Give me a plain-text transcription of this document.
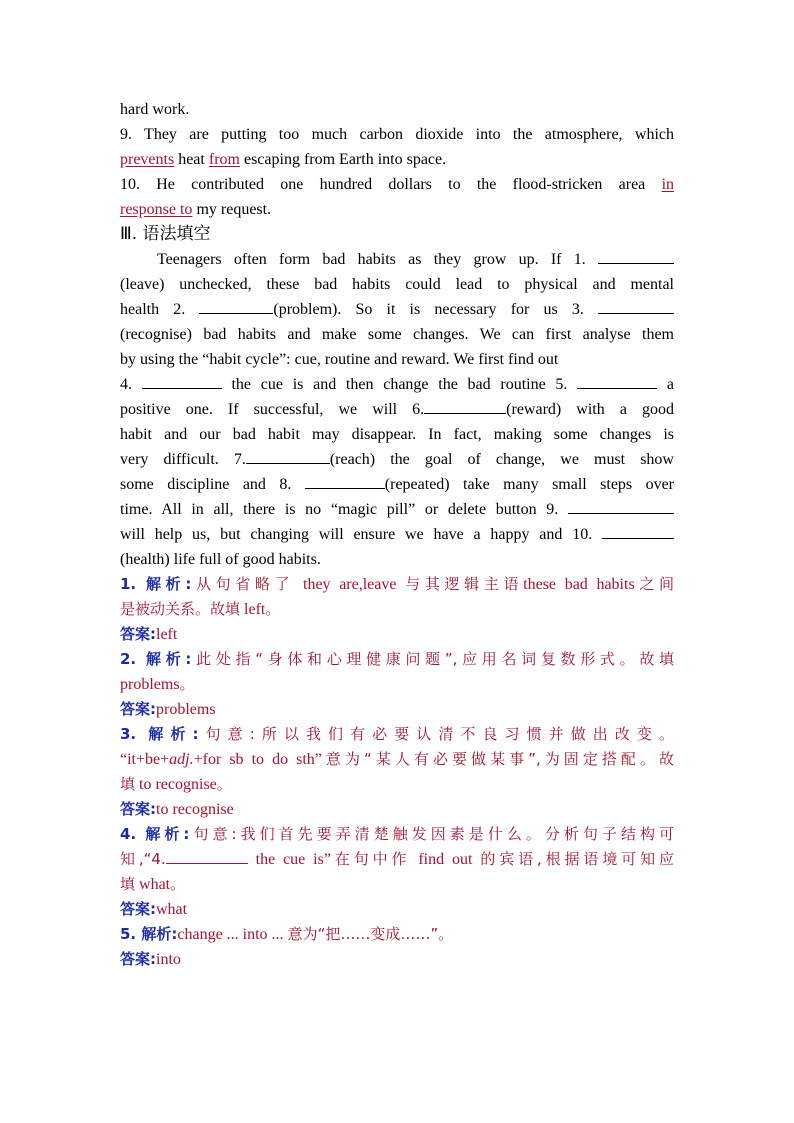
hard work.
9. They are putting too much carbon dioxide into the atmosphere, which
prevents heat from escaping from Earth into space.
10. He contributed one hundred dollars to the flood-stricken area in
response to my request.
Ⅲ. 语法填空
Teenagers often form bad habits as they grow up. If 1.
(leave) unchecked, these bad habits could lead to physical and mental
health 2.	(problem). So it is necessary for us 3.
(recognise) bad habits and make some changes. We can first analyse them
by using the “habit cycle”: cue, routine and reward. We first find out
4.	the cue is and then change the bad routine 5.	a
positive one. If successful, we will 6.	(reward) with a good
habit and our bad habit may disappear. In fact, making some changes is
very difficult. 7.	(reach) the goal of change, we must show
some discipline and 8.	(repeated) take many small steps over
time. All in all, there is no “magic pill” or delete button 9.
will help us, but changing will ensure we have a happy and 10.
(health) life full of good habits.
1. 解析:从句省略了 they are,leave 与其逻辑主语these bad habits之间
是被动关系。故填 left。
答案:left
2. 解析:此处指“身体和心理健康问题”,应用名词复数形式。故填
problems。
答案:problems
3. 解析:句意:所以我们有必要认清不良习惯并做出改变。
“it+be+adj.+for sb to do sth”意为“某人有必要做某事”,为固定搭配。故
填 to recognise。
答案:to recognise
4. 解析:句意:我们首先要弄清楚触发因素是什么。分析句子结构可
知,“4.	the cue is”在句中作 find out 的宾语,根据语境可知应
填 what。
答案:what
5. 解析:change ... into ... 意为“把……变成……”。
答案:into
